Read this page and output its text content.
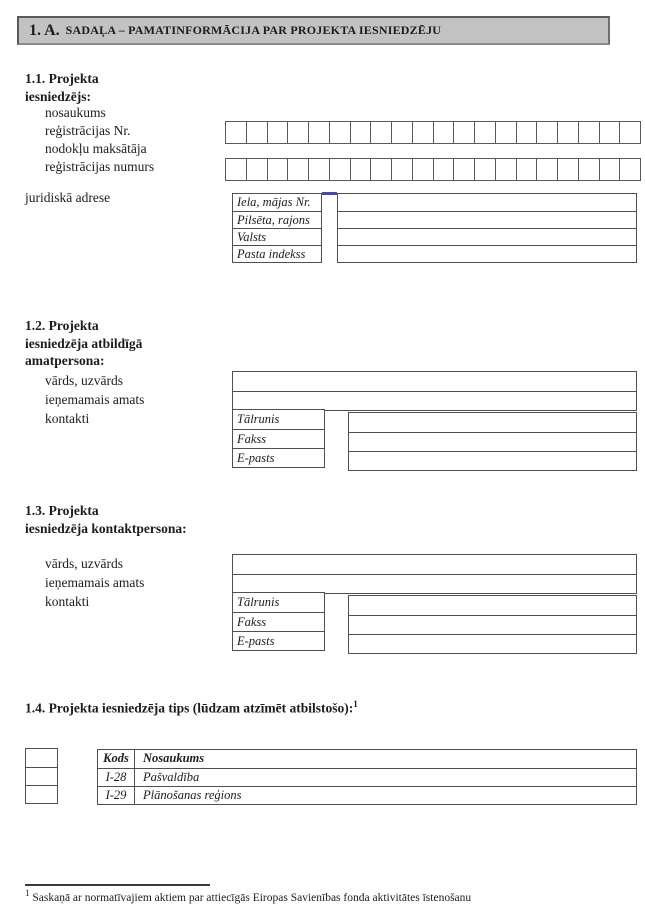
1. A. SADAĻA – PAMATINFORMĀCIJA PAR PROJEKTA IESNIEDZĒJU
1.1. Projekta
iesniedzējs:
nosaukums
reģistrācijas Nr.
nodokļu maksātāja
reģistrācijas numurs
juridiskā adrese	Iela, mājas Nr.
Pilsēta, rajons
Valsts
Pasta indekss
1.2. Projekta
iesniedzēja atbildīgā
amatpersona:
vārds, uzvārds
ieņemamais amats
kontakti	Tālrunis
Fakss
E-pasts
1.3. Projekta
iesniedzēja kontaktpersona:
vārds, uzvārds
ieņemamais amats
kontakti	Tālrunis
Fakss
E-pasts
1.4. Projekta iesniedzēja tips (lūdzam atzīmēt atbilstošo):$^1$
Kods	Nosaukums
I-28	Pašvaldība
I-29	Plānošanas reģions
$^1$ Saskaņā ar normatīvajiem aktiem par attiecīgās Eiropas Savienības fonda aktivitātes īstenošanu
